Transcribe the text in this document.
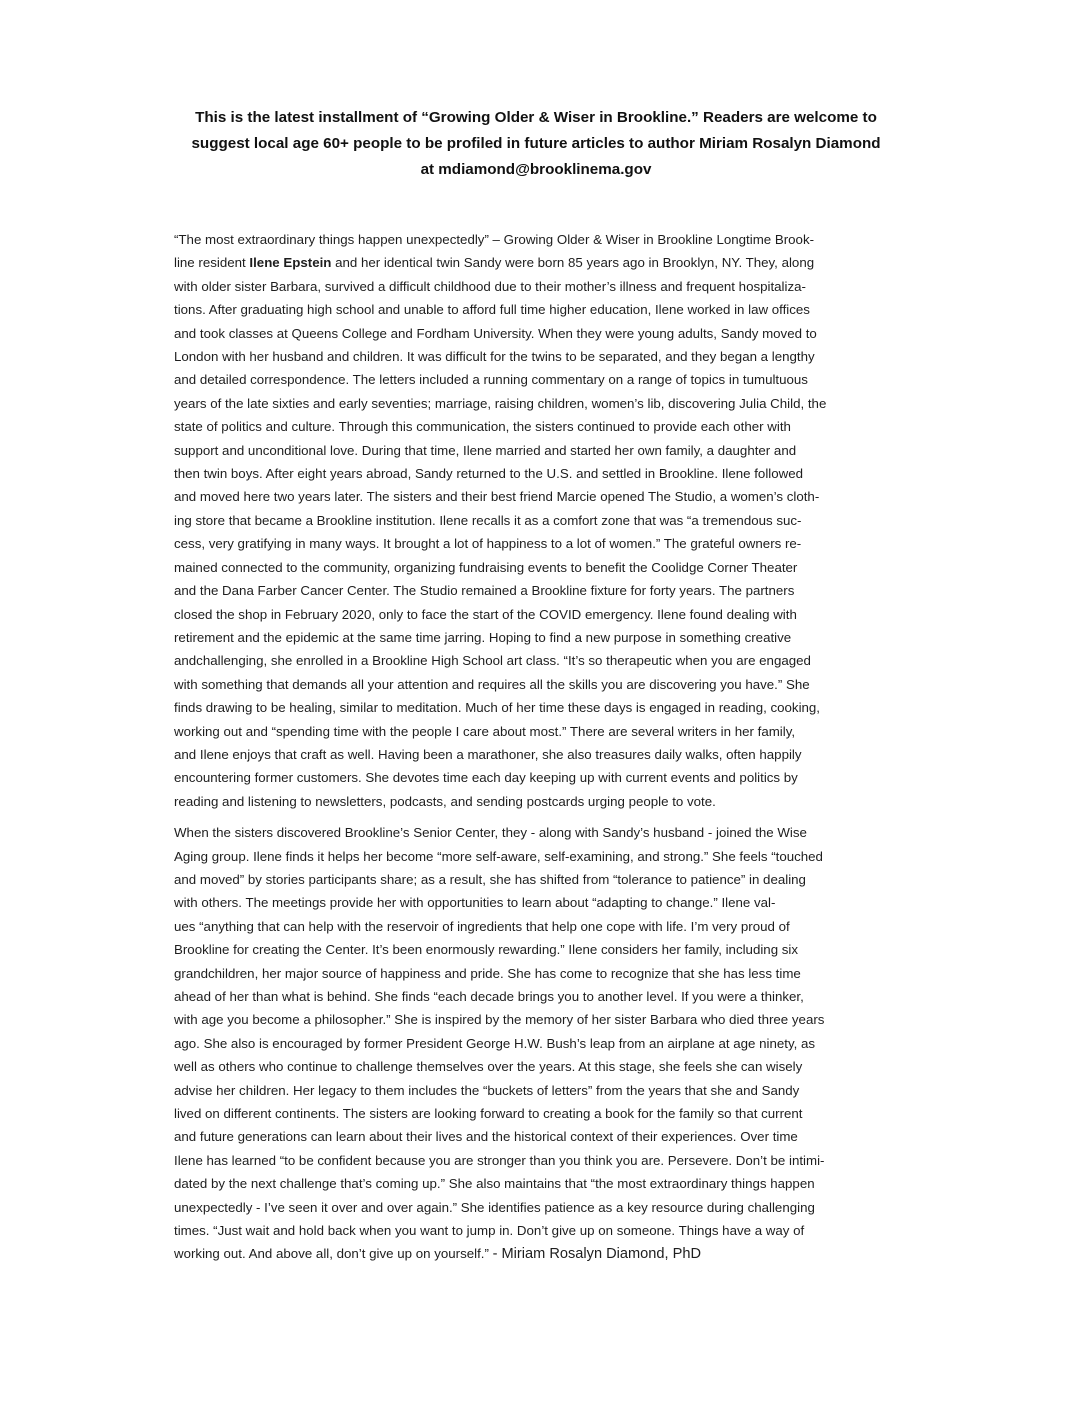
This is the latest installment of “Growing Older & Wiser in Brookline.” Readers are welcome to
suggest local age 60+ people to be profiled in future articles to author Miriam Rosalyn Diamond
at mdiamond@brooklinema.gov

“The most extraordinary things happen unexpectedly” – Growing Older & Wiser in Brookline Longtime Brook-
line resident Ilene Epstein and her identical twin Sandy were born 85 years ago in Brooklyn, NY. They, along
with older sister Barbara, survived a difficult childhood due to their mother’s illness and frequent hospitaliza-
tions. After graduating high school and unable to afford full time higher education, Ilene worked in law offices
and took classes at Queens College and Fordham University. When they were young adults, Sandy moved to
London with her husband and children. It was difficult for the twins to be separated, and they began a lengthy
and detailed correspondence. The letters included a running commentary on a range of topics in tumultuous
years of the late sixties and early seventies; marriage, raising children, women’s lib, discovering Julia Child, the
state of politics and culture. Through this communication, the sisters continued to provide each other with
support and unconditional love. During that time, Ilene married and started her own family, a daughter and
then twin boys. After eight years abroad, Sandy returned to the U.S. and settled in Brookline. Ilene followed
and moved here two years later. The sisters and their best friend Marcie opened The Studio, a women’s cloth-
ing store that became a Brookline institution. Ilene recalls it as a comfort zone that was “a tremendous suc-
cess, very gratifying in many ways. It brought a lot of happiness to a lot of women.” The grateful owners re-
mained connected to the community, organizing fundraising events to benefit the Coolidge Corner Theater
and the Dana Farber Cancer Center. The Studio remained a Brookline fixture for forty years. The partners
closed the shop in February 2020, only to face the start of the COVID emergency. Ilene found dealing with
retirement and the epidemic at the same time jarring. Hoping to find a new purpose in something creative
andchallenging, she enrolled in a Brookline High School art class. “It’s so therapeutic when you are engaged
with something that demands all your attention and requires all the skills you are discovering you have.” She
finds drawing to be healing, similar to meditation. Much of her time these days is engaged in reading, cooking,
working out and “spending time with the people I care about most.” There are several writers in her family,
and Ilene enjoys that craft as well. Having been a marathoner, she also treasures daily walks, often happily
encountering former customers. She devotes time each day keeping up with current events and politics by
reading and listening to newsletters, podcasts, and sending postcards urging people to vote.

When the sisters discovered Brookline’s Senior Center, they - along with Sandy’s husband - joined the Wise
Aging group. Ilene finds it helps her become “more self-aware, self-examining, and strong.” She feels “touched
and moved” by stories participants share; as a result, she has shifted from “tolerance to patience” in dealing
with others. The meetings provide her with opportunities to learn about “adapting to change.” Ilene val-
ues “anything that can help with the reservoir of ingredients that help one cope with life. I’m very proud of
Brookline for creating the Center. It’s been enormously rewarding.” Ilene considers her family, including six
grandchildren, her major source of happiness and pride. She has come to recognize that she has less time
ahead of her than what is behind. She finds “each decade brings you to another level. If you were a thinker,
with age you become a philosopher.” She is inspired by the memory of her sister Barbara who died three years
ago. She also is encouraged by former President George H.W. Bush’s leap from an airplane at age ninety, as
well as others who continue to challenge themselves over the years. At this stage, she feels she can wisely
advise her children. Her legacy to them includes the “buckets of letters” from the years that she and Sandy
lived on different continents. The sisters are looking forward to creating a book for the family so that current
and future generations can learn about their lives and the historical context of their experiences. Over time
Ilene has learned “to be confident because you are stronger than you think you are. Persevere. Don’t be intimi-
dated by the next challenge that’s coming up.” She also maintains that “the most extraordinary things happen
unexpectedly - I’ve seen it over and over again.” She identifies patience as a key resource during challenging
times. “Just wait and hold back when you want to jump in. Don’t give up on someone. Things have a way of
working out. And above all, don’t give up on yourself.” - Miriam Rosalyn Diamond, PhD
